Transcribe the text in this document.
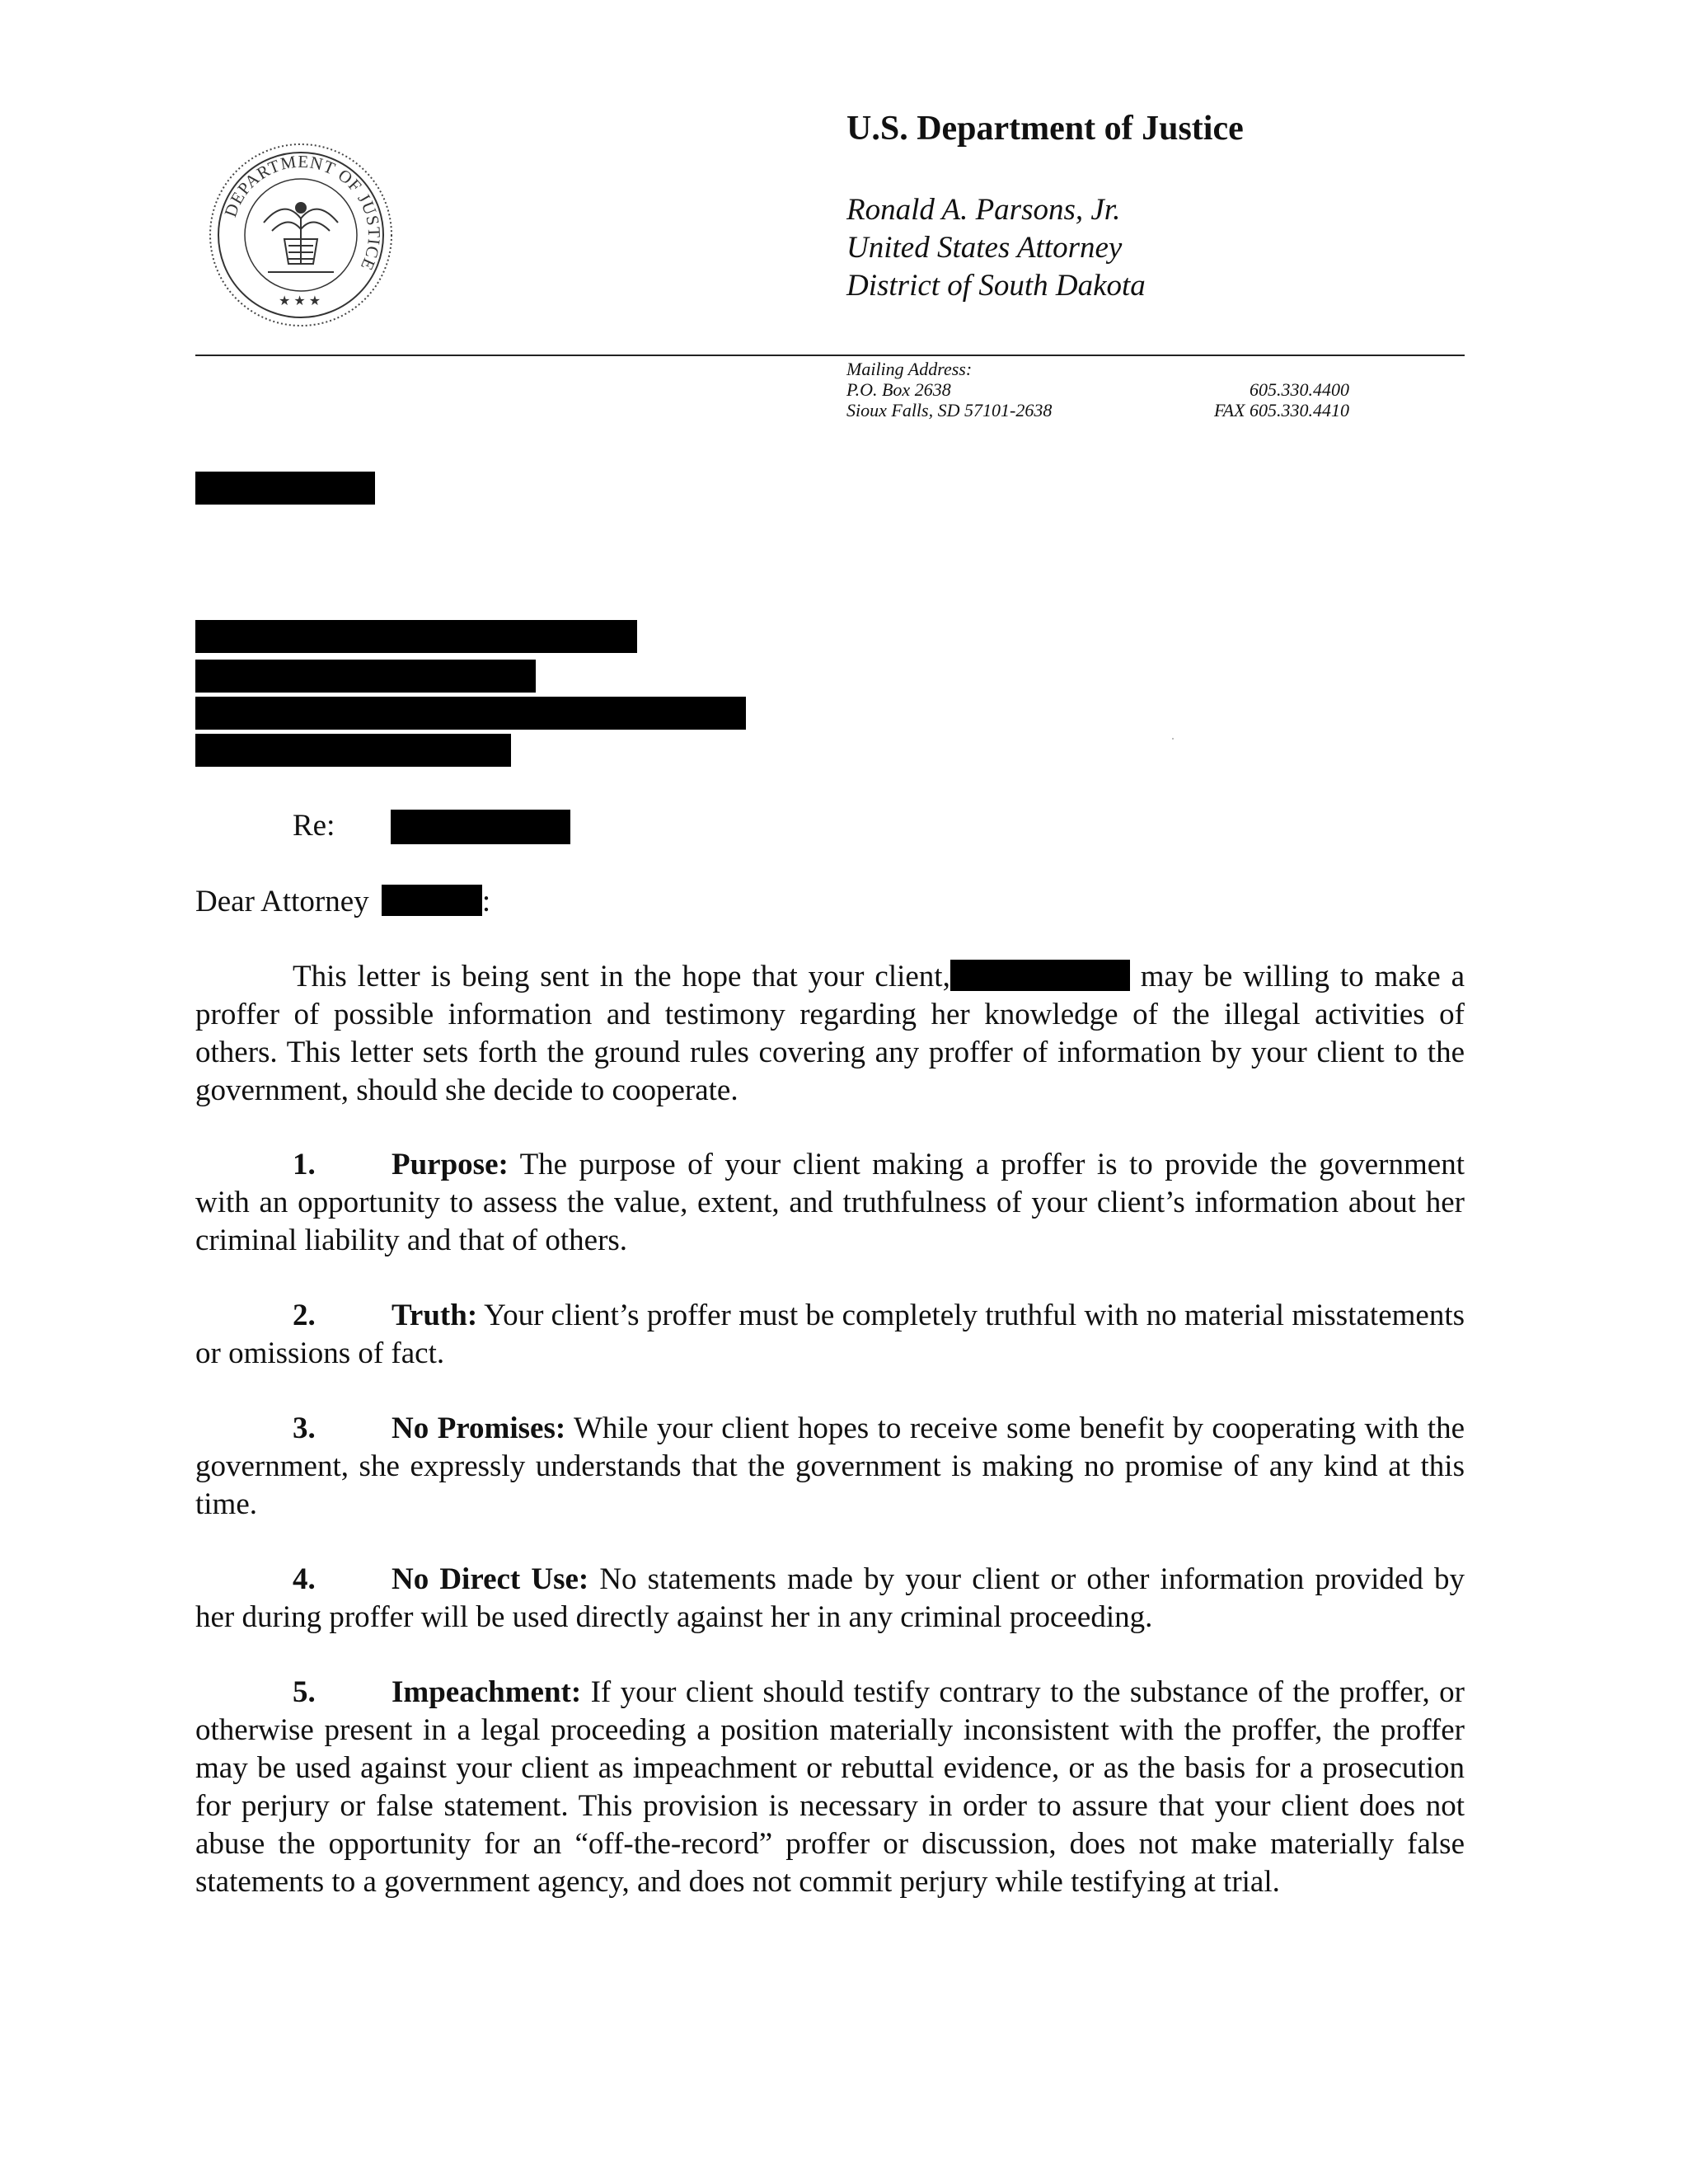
DEPARTMENT OF JUSTICE
★ ★ ★
U.S. Department of Justice
Ronald A. Parsons, Jr.
United States Attorney
District of South Dakota
Mailing Address:
P.O. Box 2638
Sioux Falls, SD 57101-2638
605.330.4400
FAX 605.330.4410
Re:
Dear Attorney	:
This letter is being sent in the hope that your client,	may be willing to make a proffer of possible information and testimony regarding her knowledge of the illegal activities of others. This letter sets forth the ground rules covering any proffer of information by your client to the government, should she decide to cooperate.
1. Purpose: The purpose of your client making a proffer is to provide the government with an opportunity to assess the value, extent, and truthfulness of your client’s information about her criminal liability and that of others.
2. Truth: Your client’s proffer must be completely truthful with no material misstatements or omissions of fact.
3. No Promises: While your client hopes to receive some benefit by cooperating with the government, she expressly understands that the government is making no promise of any kind at this time.
4. No Direct Use: No statements made by your client or other information provided by her during proffer will be used directly against her in any criminal proceeding.
5. Impeachment: If your client should testify contrary to the substance of the proffer, or otherwise present in a legal proceeding a position materially inconsistent with the proffer, the proffer may be used against your client as impeachment or rebuttal evidence, or as the basis for a prosecution for perjury or false statement. This provision is necessary in order to assure that your client does not abuse the opportunity for an “off-the-record” proffer or discussion, does not make materially false statements to a government agency, and does not commit perjury while testifying at trial.
